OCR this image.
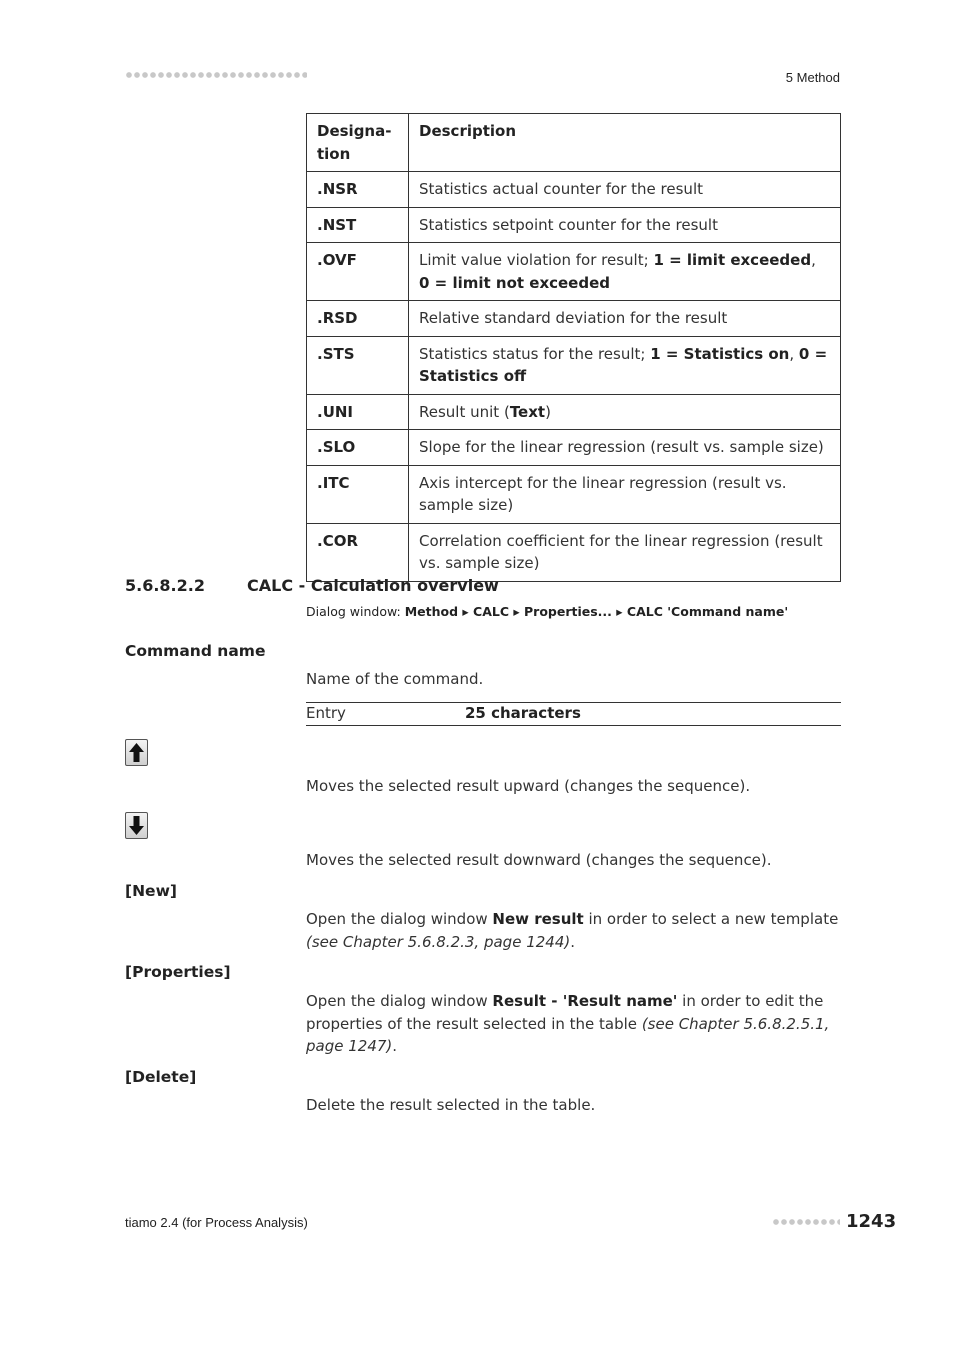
5 Method
Designa-
tion	Description
.NSR	Statistics actual counter for the result
.NST	Statistics setpoint counter for the result
.OVF	Limit value violation for result; 1 = limit exceeded, 0 = limit not exceeded
.RSD	Relative standard deviation for the result
.STS	Statistics status for the result; 1 = Statistics on, 0 = Statistics off
.UNI	Result unit (Text)
.SLO	Slope for the linear regression (result vs. sample size)
.ITC	Axis intercept for the linear regression (result vs. sample size)
.COR	Correlation coefficient for the linear regression (result vs. sample size)
5.6.8.2.2	CALC - Calculation overview
Dialog window: Method ▸ CALC ▸ Properties... ▸ CALC 'Command name'
Command name
Name of the command.
Entry	25 characters
Moves the selected result upward (changes the sequence).
Moves the selected result downward (changes the sequence).
[New]
Open the dialog window New result in order to select a new template (see Chapter 5.6.8.2.3, page 1244).
[Properties]
Open the dialog window Result - 'Result name' in order to edit the properties of the result selected in the table (see Chapter 5.6.8.2.5.1, page 1247).
[Delete]
Delete the result selected in the table.
tiamo 2.4 (for Process Analysis)	1243
